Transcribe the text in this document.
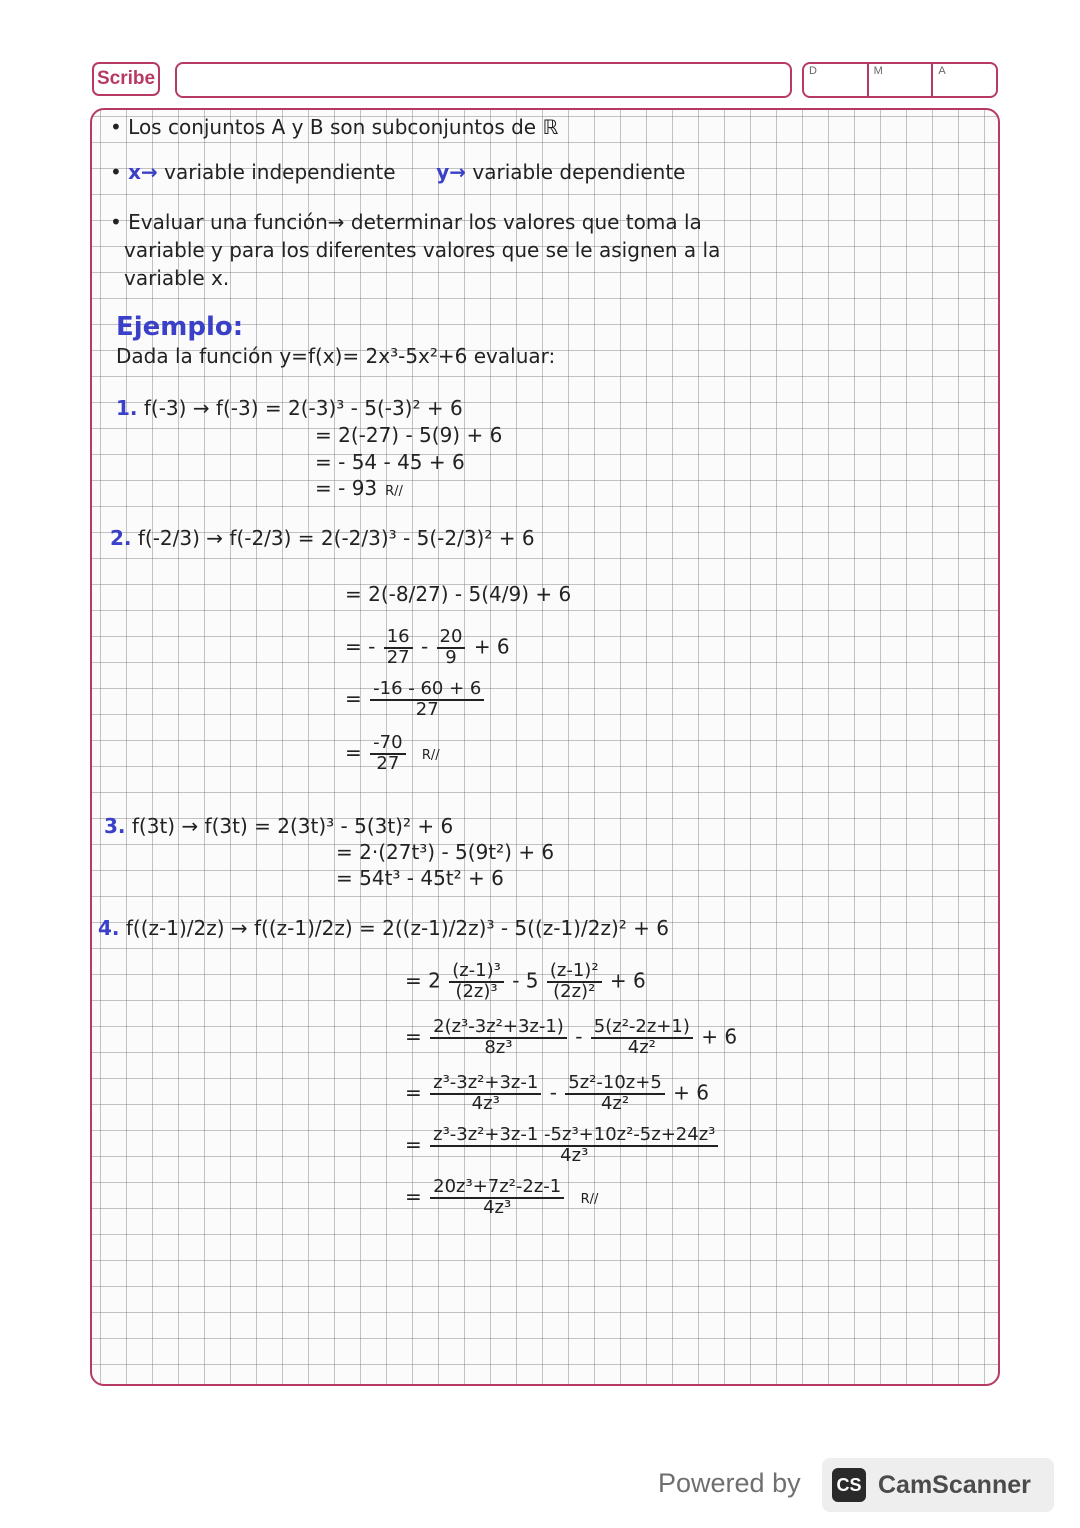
Scribe	D	M	A
• Los conjuntos A y B son subconjuntos de ℝ
• x→ variable independiente y→ variable dependiente
• Evaluar una función→ determinar los valores que toma la
variable y para los diferentes valores que se le asignen a la
variable x.
Ejemplo:
Dada la función y=f(x)= 2x³-5x²+6 evaluar:
1. f(-3) → f(-3) = 2(-3)³ - 5(-3)² + 6
= 2(-27) - 5(9) + 6
= - 54 - 45 + 6
= - 93 R//
2. f(-2/3) → f(-2/3) = 2(-2/3)³ - 5(-2/3)² + 6
= 2(-8/27) - 5(4/9) + 6
= - $\frac{16}{27} - \frac{20}{9} + 6$
= $\frac{-16 - 60 + 6}{27}$
= $\frac{-70}{27} R//$
3. f(3t) → f(3t) = 2(3t)³ - 5(3t)² + 6
= 2·(27t³) - 5(9t²) + 6
= 54t³ - 45t² + 6
4. f((z-1)/2z) → f((z-1)/2z) = 2((z-1)/2z)³ - 5((z-1)/2z)² + 6
= $2 \frac{\text{(z-1)³}}{\text{(2z)³}} - 5 \frac{\text{(z-1)²}}{\text{(2z)²}} + 6$
= $\frac{\text{2(z³-3z²+3z-1)}}{\text{8z³}} - \frac{\text{5(z²-2z+1)}}{\text{4z²}} + 6$
= $\frac{\text{z³-3z²+3z-1}}{\text{4z³}} - \frac{\text{5z²-10z+5}}{\text{4z²}} + 6$
= $\frac{\text{z³-3z²+3z-1 -5z³+10z²-5z+24z³}}{\text{4z³}}$
= $\frac{\text{20z³+7z²-2z-1}}{\text{4z³}} R//$
Powered by CS CamScanner
